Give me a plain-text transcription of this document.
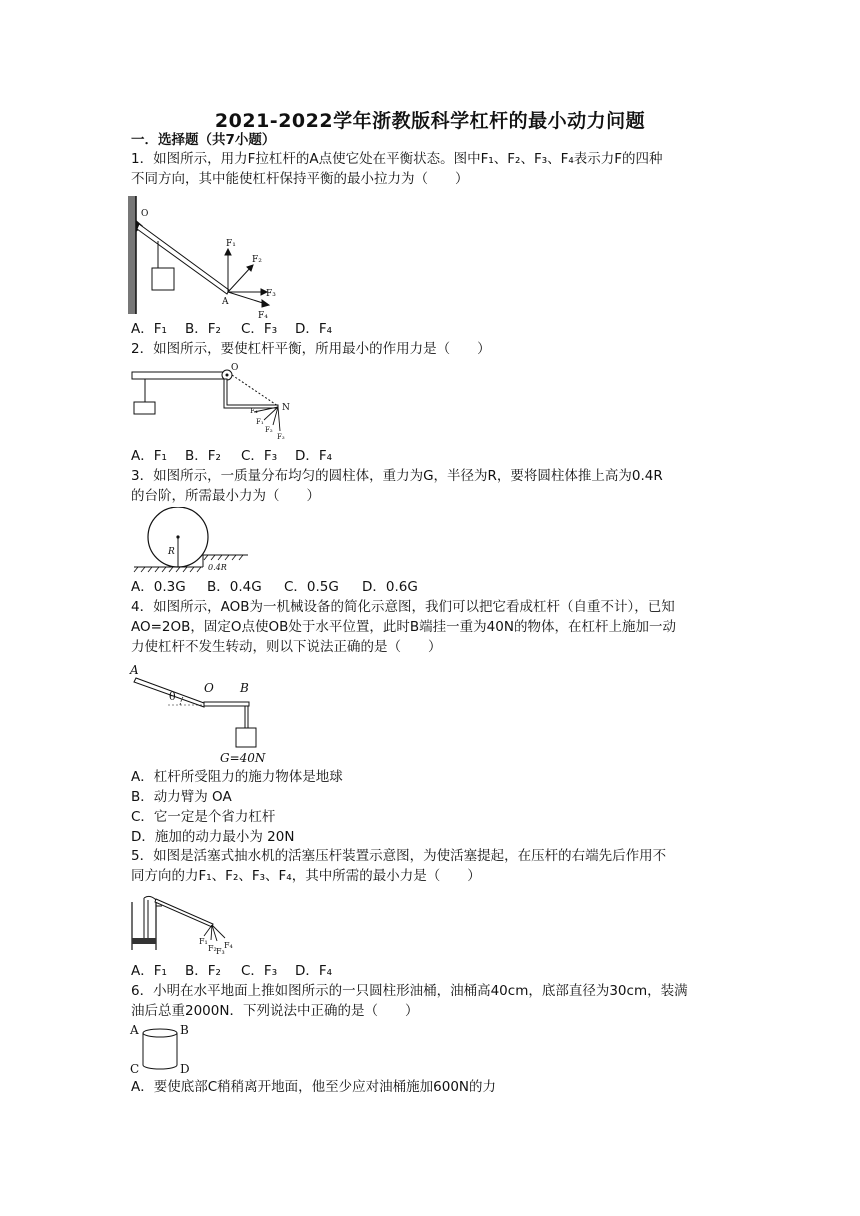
2021-2022学年浙教版科学杠杆的最小动力问题
一．选择题（共7小题）
1．如图所示，用力F拉杠杆的A点使它处在平衡状态。图中F₁、F₂、F₃、F₄表示力F的四种
不同方向，其中能使杠杆保持平衡的最小拉力为（　　）
O
A
F₁
F₂
F₃
F₄
A．F₁ B．F₂ C．F₃ D．F₄
2．如图所示，要使杠杆平衡，所用最小的作用力是（　　）
O
N
F₄
F₁
F₂
F₃
A．F₁ B．F₂ C．F₃ D．F₄
3．如图所示，一质量分布均匀的圆柱体，重力为G，半径为R，要将圆柱体推上高为0.4R
的台阶，所需最小力为（　　）
R
0.4R
A．0.3G B．0.4G C．0.5G D．0.6G
4．如图所示，AOB为一机械设备的简化示意图，我们可以把它看成杠杆（自重不计），已知
AO=2OB，固定O点使OB处于水平位置，此时B端挂一重为40N的物体，在杠杆上施加一动
力使杠杆不发生转动，则以下说法正确的是（　　）
A
θ
O B
G=40N
A．杠杆所受阻力的施力物体是地球
B．动力臂为 OA
C．它一定是个省力杠杆
D．施加的动力最小为 20N
5．如图是活塞式抽水机的活塞压杆装置示意图，为使活塞提起，在压杆的右端先后作用不
同方向的力F₁、F₂、F₃、F₄，其中所需的最小力是（　　）
F₁
F₂ F₃
F₄
A．F₁ B．F₂ C．F₃ D．F₄
6．小明在水平地面上推如图所示的一只圆柱形油桶，油桶高40cm，底部直径为30cm，装满
油后总重2000N．下列说法中正确的是（　　）
A	B
C	D
A．要使底部C稍稍离开地面，他至少应对油桶施加600N的力
